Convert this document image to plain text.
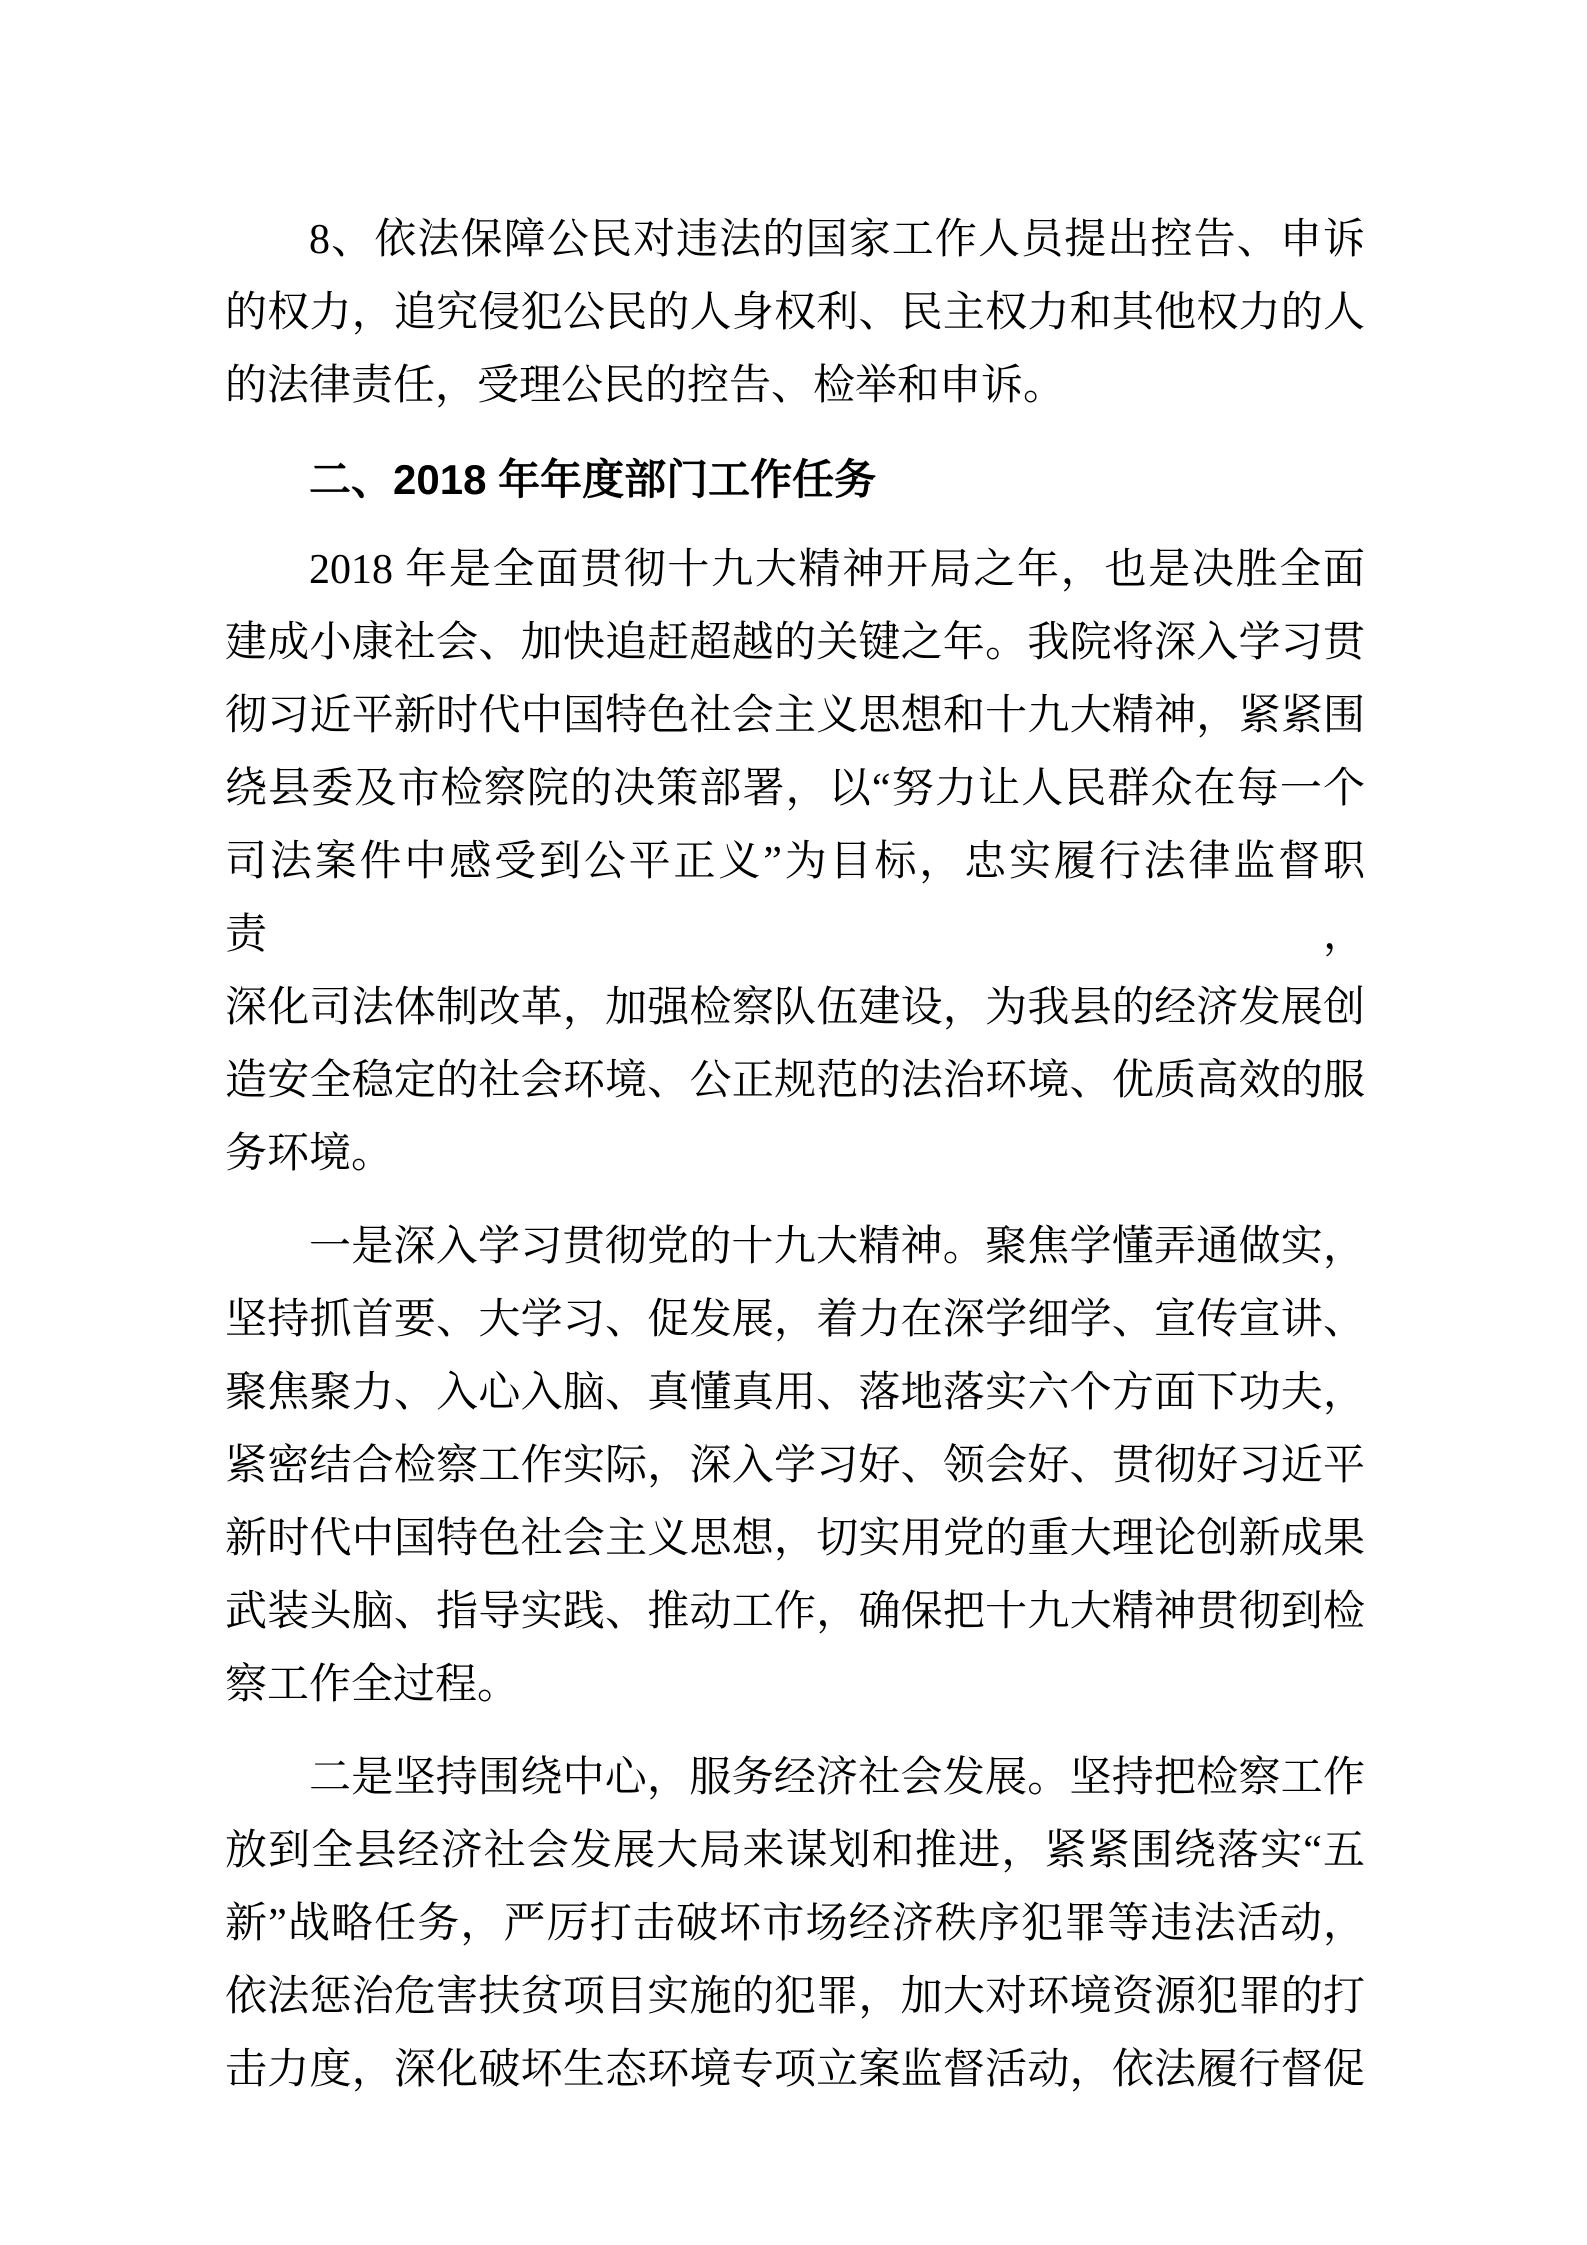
8、依法保障公民对违法的国家工作人员提出控告、申诉
的权力，追究侵犯公民的人身权利、民主权力和其他权力的人
的法律责任，受理公民的控告、检举和申诉。
二、2018 年年度部门工作任务
2018 年是全面贯彻十九大精神开局之年，也是决胜全面
建成小康社会、加快追赶超越的关键之年。我院将深入学习贯
彻习近平新时代中国特色社会主义思想和十九大精神，紧紧围
绕县委及市检察院的决策部署，以“努力让人民群众在每一个
司法案件中感受到公平正义”为目标，忠实履行法律监督职责，
深化司法体制改革，加强检察队伍建设，为我县的经济发展创
造安全稳定的社会环境、公正规范的法治环境、优质高效的服
务环境。
一是深入学习贯彻党的十九大精神。聚焦学懂弄通做实，
坚持抓首要、大学习、促发展，着力在深学细学、宣传宣讲、
聚焦聚力、入心入脑、真懂真用、落地落实六个方面下功夫，
紧密结合检察工作实际，深入学习好、领会好、贯彻好习近平
新时代中国特色社会主义思想，切实用党的重大理论创新成果
武装头脑、指导实践、推动工作，确保把十九大精神贯彻到检
察工作全过程。
二是坚持围绕中心，服务经济社会发展。坚持把检察工作
放到全县经济社会发展大局来谋划和推进，紧紧围绕落实“五
新”战略任务，严厉打击破坏市场经济秩序犯罪等违法活动，
依法惩治危害扶贫项目实施的犯罪，加大对环境资源犯罪的打
击力度，深化破坏生态环境专项立案监督活动，依法履行督促
